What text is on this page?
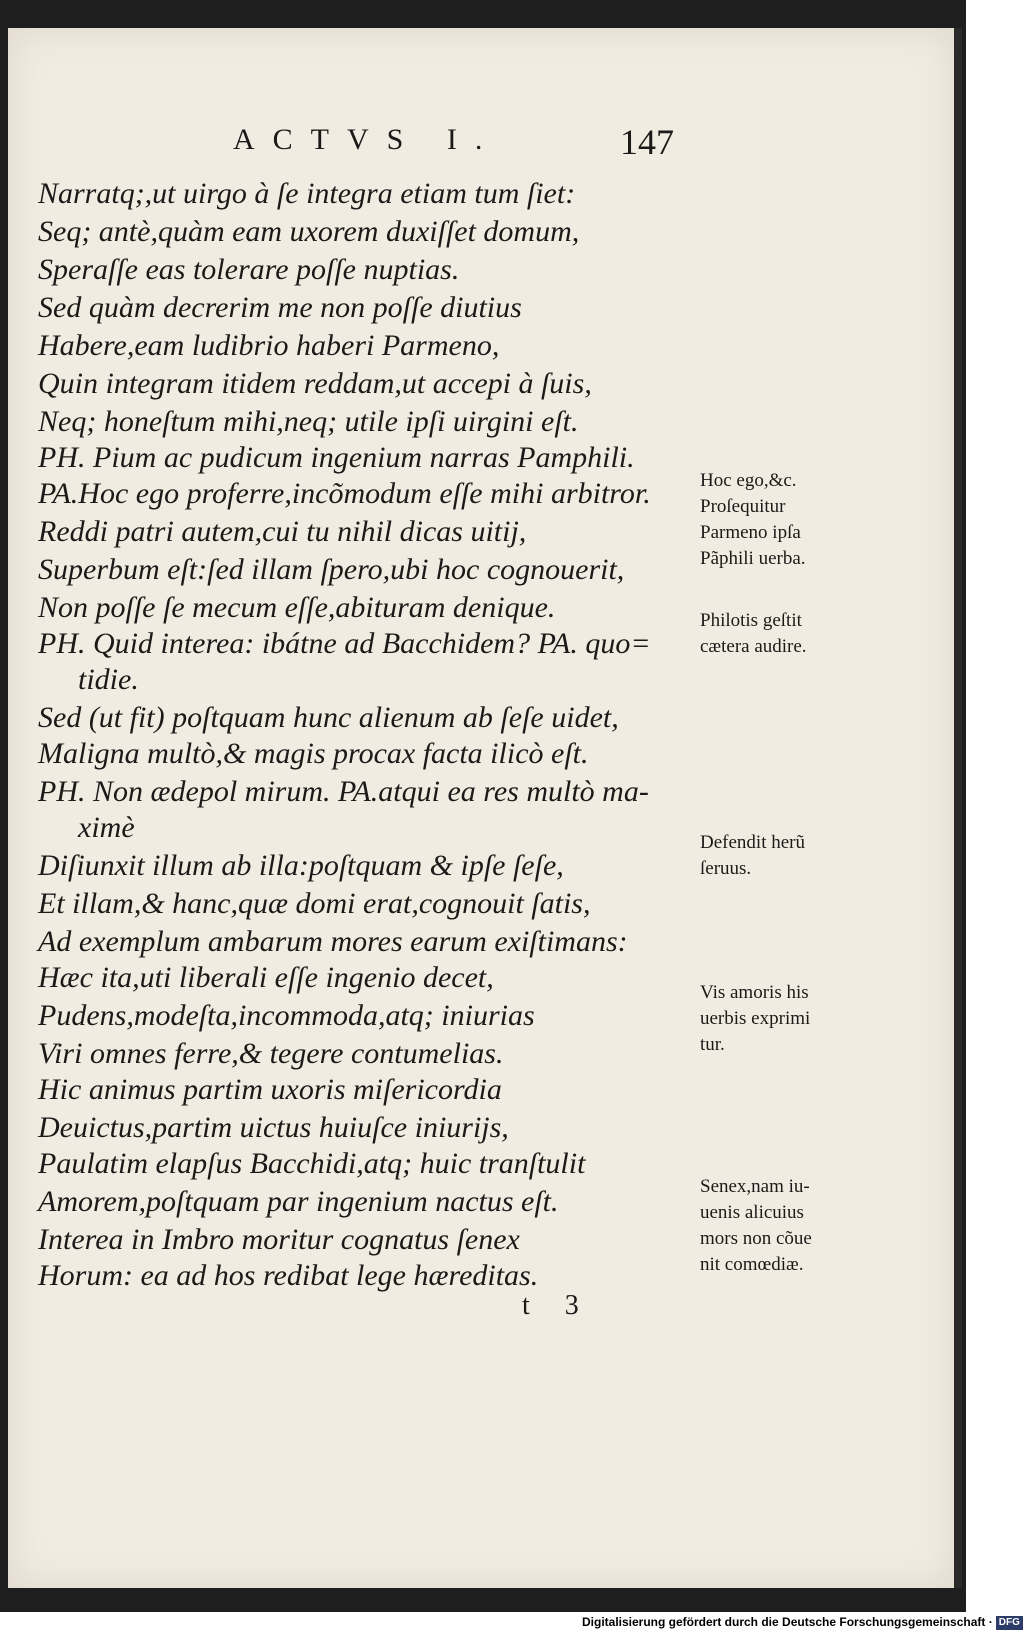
ACTVS I.	147
Narratq;,ut uirgo à ſe integra etiam tum ſiet:
Seq; antè,quàm eam uxorem duxiſſet domum,
Speraſſe eas tolerare poſſe nuptias.
Sed quàm decrerim me non poſſe diutius
Habere,eam ludibrio haberi Parmeno,
Quin integram itidem reddam,ut accepi à ſuis,
Neq; honeſtum mihi,neq; utile ipſi uirgini eſt.
PH. Pium ac pudicum ingenium narras Pamphili.
PA.Hoc ego proferre,incõmodum eſſe mihi arbitror.
Reddi patri autem,cui tu nihil dicas uitij,
Superbum eſt:ſed illam ſpero,ubi hoc cognouerit,
Non poſſe ſe mecum eſſe,abituram denique.
PH. Quid interea: ibátne ad Bacchidem? PA. quo=
tidie.
Sed (ut fit) poſtquam hunc alienum ab ſeſe uidet,
Maligna multò,& magis procax facta ilicò eſt.
PH. Non ædepol mirum. PA.atqui ea res multò ma-
ximè
Diſiunxit illum ab illa:poſtquam & ipſe ſeſe,
Et illam,& hanc,quæ domi erat,cognouit ſatis,
Ad exemplum ambarum mores earum exiſtimans:
Hæc ita,uti liberali eſſe ingenio decet,
Pudens,modeſta,incommoda,atq; iniurias
Viri omnes ferre,& tegere contumelias.
Hic animus partim uxoris miſericordia
Deuictus,partim uictus huiuſce iniurijs,
Paulatim elapſus Bacchidi,atq; huic tranſtulit
Amorem,poſtquam par ingenium nactus eſt.
Interea in Imbro moritur cognatus ſenex
Horum: ea ad hos redibat lege hæreditas.
Hoc ego,&c.
Proſequitur
Parmeno ipſa
Pãphili uerba.
Philotis geſtit
cætera audire.
Defendit herũ
ſeruus.
Vis amoris his
uerbis exprimi
tur.
Senex,nam iu-
uenis alicuius
mors non cõue
nit comœdiæ.
t 3
Digitalisierung gefördert durch die Deutsche Forschungsgemeinschaft · DFG
